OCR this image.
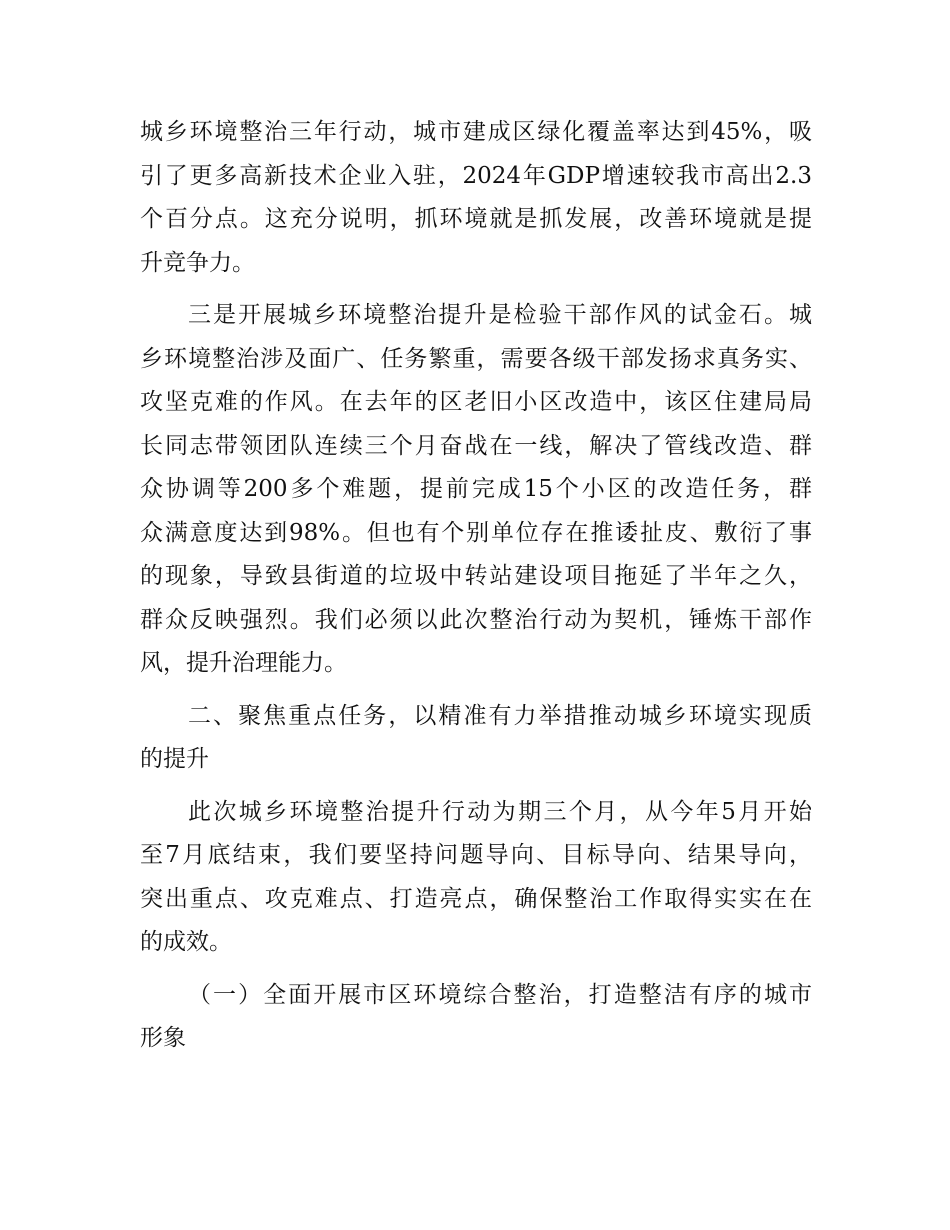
城乡环境整治三年行动，城市建成区绿化覆盖率达到45%，吸
引了更多高新技术企业入驻，2024年GDP增速较我市高出2.3
个百分点。这充分说明，抓环境就是抓发展，改善环境就是提
升竞争力。
三是开展城乡环境整治提升是检验干部作风的试金石。城
乡环境整治涉及面广、任务繁重，需要各级干部发扬求真务实、
攻坚克难的作风。在去年的区老旧小区改造中，该区住建局局
长同志带领团队连续三个月奋战在一线，解决了管线改造、群
众协调等200多个难题，提前完成15个小区的改造任务，群
众满意度达到98%。但也有个别单位存在推诿扯皮、敷衍了事
的现象，导致县街道的垃圾中转站建设项目拖延了半年之久，
群众反映强烈。我们必须以此次整治行动为契机，锤炼干部作
风，提升治理能力。
二、聚焦重点任务，以精准有力举措推动城乡环境实现质
的提升
此次城乡环境整治提升行动为期三个月，从今年5月开始
至7月底结束，我们要坚持问题导向、目标导向、结果导向，
突出重点、攻克难点、打造亮点，确保整治工作取得实实在在
的成效。
（一）全面开展市区环境综合整治，打造整洁有序的城市
形象
